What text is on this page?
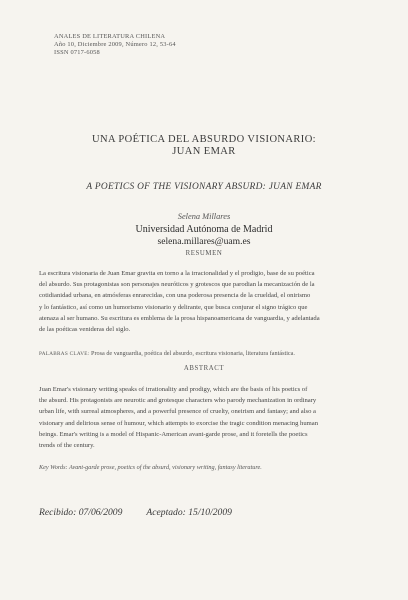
ANALES DE LITERATURA CHILENA
Año 10, Diciembre 2009, Número 12, 53-64
ISSN 0717-6058
UNA POÉTICA DEL ABSURDO VISIONARIO:
JUAN EMAR
A POETICS OF THE VISIONARY ABSURD: JUAN EMAR
Selena Millares
Universidad Autónoma de Madrid
selena.millares@uam.es
RESUMEN
La escritura visionaria de Juan Emar gravita en torno a la irracionalidad y el prodigio, base de su poética
del absurdo. Sus protagonistas son personajes neuróticos y grotescos que parodian la mecanización de la
cotidianidad urbana, en atmósferas enrarecidas, con una poderosa presencia de la crueldad, el onirismo
y lo fantástico, así como un humorismo visionario y delirante, que busca conjurar el signo trágico que
atenaza al ser humano. Su escritura es emblema de la prosa hispanoamericana de vanguardia, y adelantada
de las poéticas venideras del siglo.
PALABRAS CLAVE: Prosa de vanguardia, poética del absurdo, escritura visionaria, literatura fantástica.
ABSTRACT
Juan Emar's visionary writing speaks of irrationality and prodigy, which are the basis of his poetics of
the absurd. His protagonists are neurotic and grotesque characters who parody mechanization in ordinary
urban life, with surreal atmospheres, and a powerful presence of cruelty, oneirism and fantasy; and also a
visionary and delirious sense of humour, which attempts to exorcise the tragic condition menacing human
beings. Emar's writing is a model of Hispanic-American avant-garde prose, and it foretells the poetics
trends of the century.
Key Words: Avant-garde prose, poetics of the absurd, visionary writing, fantasy literature.
Recibido: 07/06/2009	Aceptado: 15/10/2009
